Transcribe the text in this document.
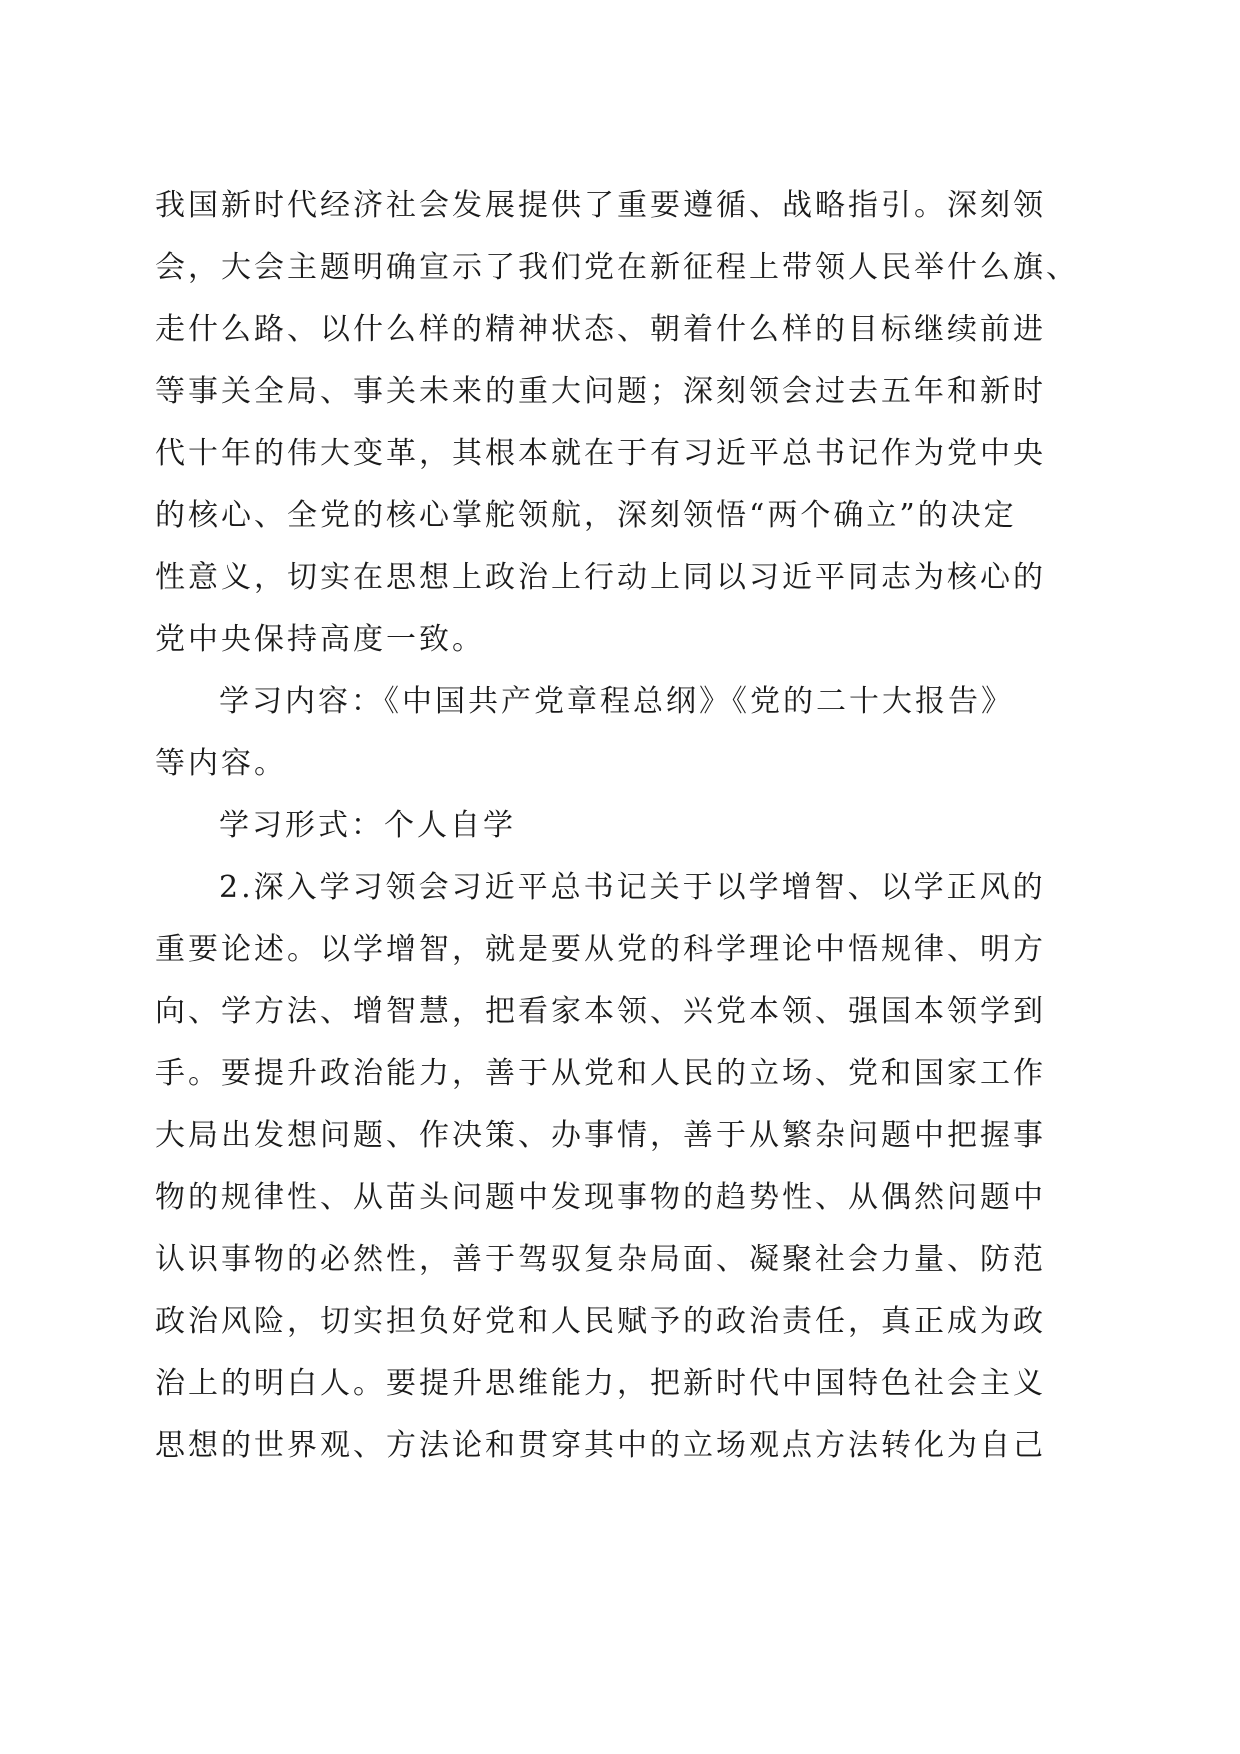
我国新时代经济社会发展提供了重要遵循、战略指引。深刻领
会，大会主题明确宣示了我们党在新征程上带领人民举什么旗、
走什么路、以什么样的精神状态、朝着什么样的目标继续前进
等事关全局、事关未来的重大问题；深刻领会过去五年和新时
代十年的伟大变革，其根本就在于有习近平总书记作为党中央
的核心、全党的核心掌舵领航，深刻领悟“两个确立”的决定
性意义，切实在思想上政治上行动上同以习近平同志为核心的
党中央保持高度一致。
学习内容：《中国共产党章程总纲》《党的二十大报告》
等内容。
学习形式：个人自学
2.深入学习领会习近平总书记关于以学增智、以学正风的
重要论述。以学增智，就是要从党的科学理论中悟规律、明方
向、学方法、增智慧，把看家本领、兴党本领、强国本领学到
手。要提升政治能力，善于从党和人民的立场、党和国家工作
大局出发想问题、作决策、办事情，善于从繁杂问题中把握事
物的规律性、从苗头问题中发现事物的趋势性、从偶然问题中
认识事物的必然性，善于驾驭复杂局面、凝聚社会力量、防范
政治风险，切实担负好党和人民赋予的政治责任，真正成为政
治上的明白人。要提升思维能力，把新时代中国特色社会主义
思想的世界观、方法论和贯穿其中的立场观点方法转化为自己
